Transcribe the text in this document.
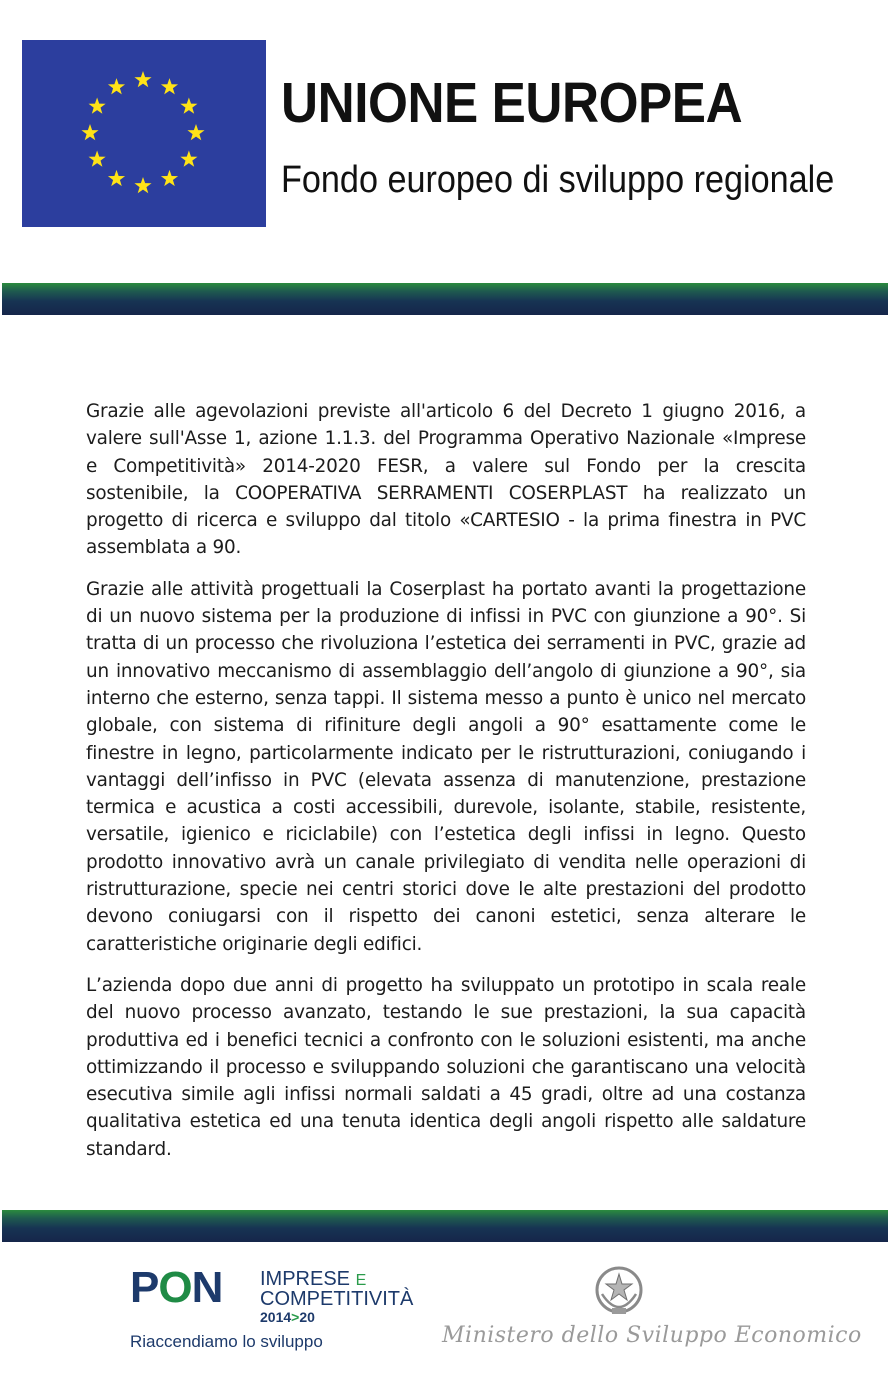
UNIONE EUROPEA
Fondo europeo di sviluppo regionale

Grazie alle agevolazioni previste all'articolo 6 del Decreto 1 giugno 2016, a valere sull'Asse 1, azione 1.1.3. del Programma Operativo Nazionale «Imprese e Competitività» 2014-2020 FESR, a valere sul Fondo per la crescita sostenibile, la COOPERATIVA SERRAMENTI COSERPLAST ha realizzato un progetto di ricerca e sviluppo dal titolo «CARTESIO - la prima finestra in PVC assemblata a 90.

Grazie alle attività progettuali la Coserplast ha portato avanti la progettazione di un nuovo sistema per la produzione di infissi in PVC con giunzione a 90°. Si tratta di un processo che rivoluziona l’estetica dei serramenti in PVC, grazie ad un innovativo meccanismo di assemblaggio dell’angolo di giunzione a 90°, sia interno che esterno, senza tappi. Il sistema messo a punto è unico nel mercato globale, con sistema di rifiniture degli angoli a 90° esattamente come le finestre in legno, particolarmente indicato per le ristrutturazioni, coniugando i vantaggi dell’infisso in PVC (elevata assenza di manutenzione, prestazione termica e acustica a costi accessibili, durevole, isolante, stabile, resistente, versatile, igienico e riciclabile) con l’estetica degli infissi in legno. Questo prodotto innovativo avrà un canale privilegiato di vendita nelle operazioni di ristrutturazione, specie nei centri storici dove le alte prestazioni del prodotto devono coniugarsi con il rispetto dei canoni estetici, senza alterare le caratteristiche originarie degli edifici.

L’azienda dopo due anni di progetto ha sviluppato un prototipo in scala reale del nuovo processo avanzato, testando le sue prestazioni, la sua capacità produttiva ed i benefici tecnici a confronto con le soluzioni esistenti, ma anche ottimizzando il processo e sviluppando soluzioni che garantiscano una velocità esecutiva simile agli infissi normali saldati a 45 gradi, oltre ad una costanza qualitativa estetica ed una tenuta identica degli angoli rispetto alle saldature standard.

PON IMPRESE E
COMPETITIVITÀ
2014>20
Riaccendiamo lo sviluppo	Ministero dello Sviluppo Economico
